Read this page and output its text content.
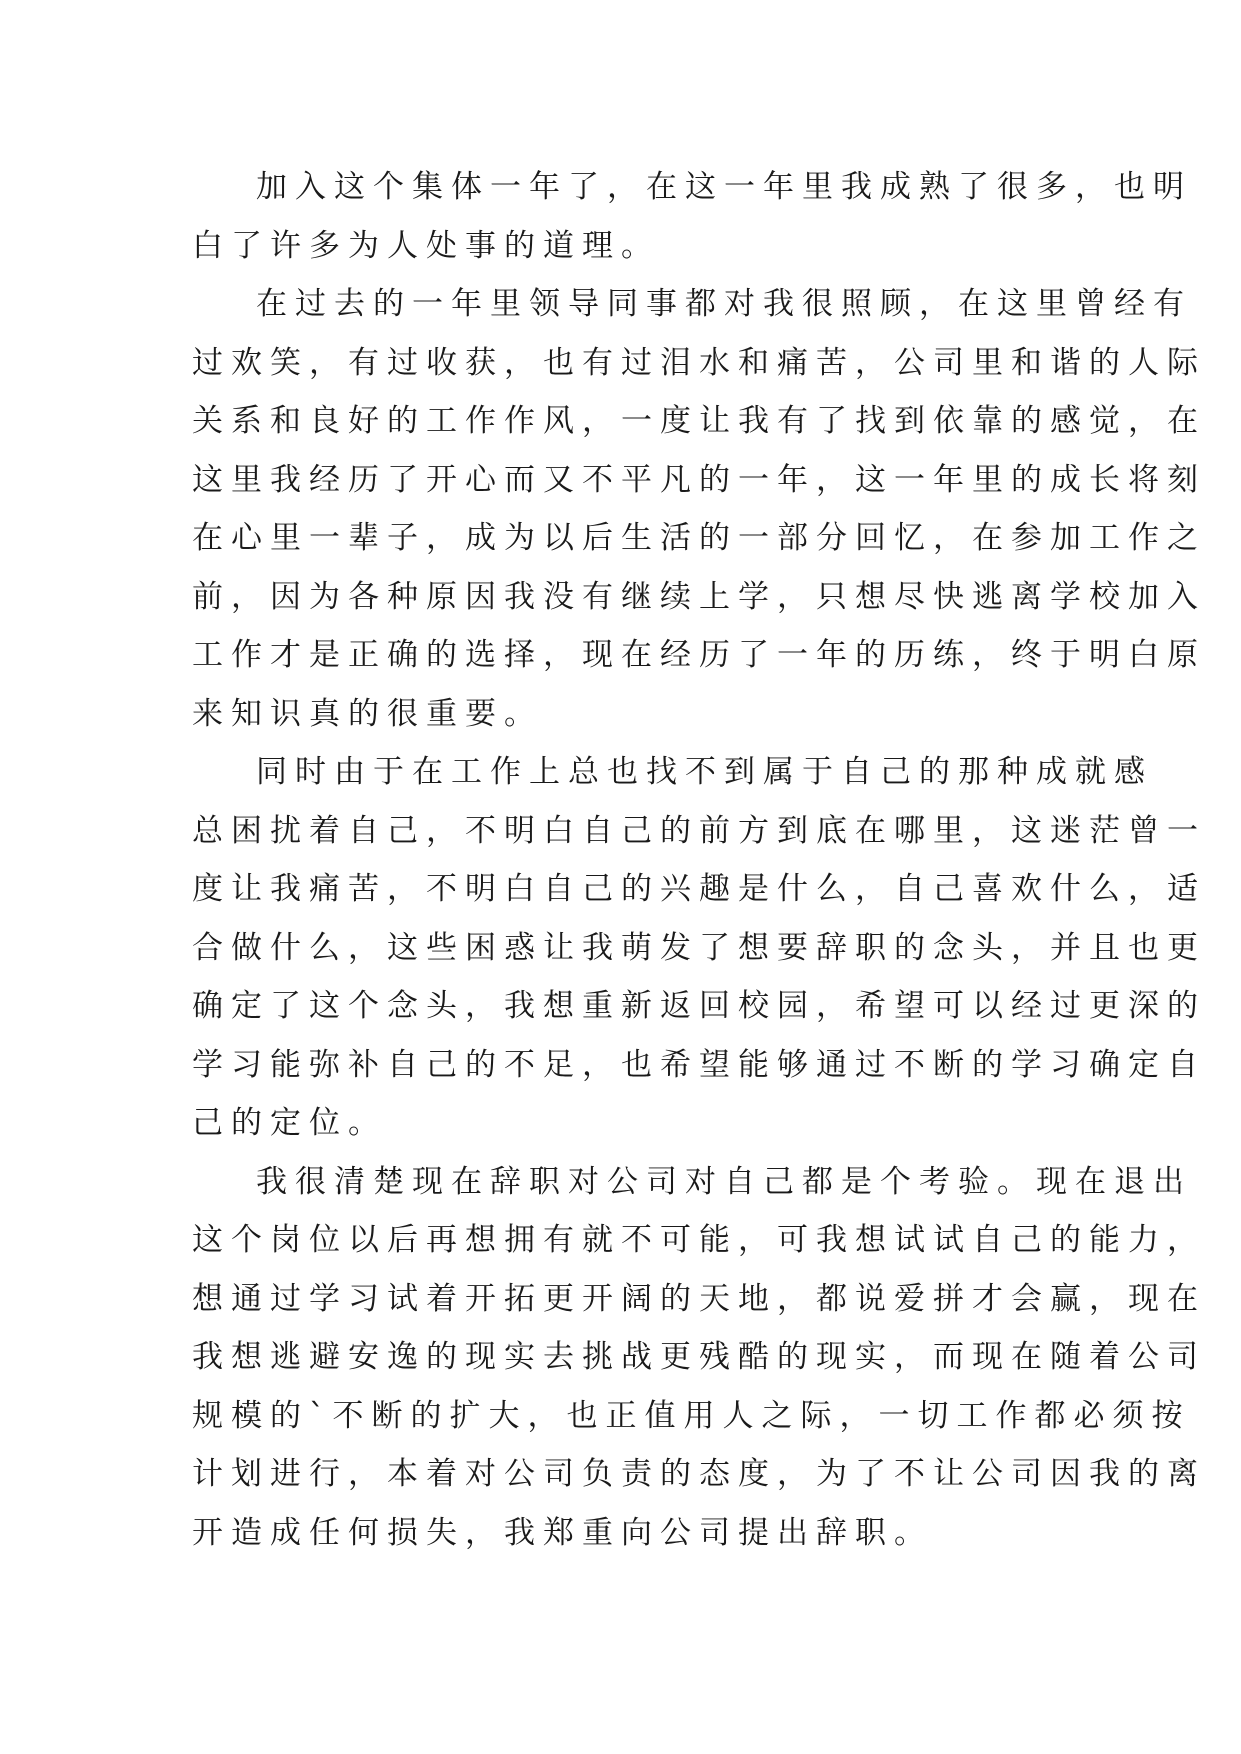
加入这个集体一年了，在这一年里我成熟了很多，也明
白了许多为人处事的道理。
在过去的一年里领导同事都对我很照顾，在这里曾经有
过欢笑，有过收获，也有过泪水和痛苦，公司里和谐的人际
关系和良好的工作作风，一度让我有了找到依靠的感觉，在
这里我经历了开心而又不平凡的一年，这一年里的成长将刻
在心里一辈子，成为以后生活的一部分回忆，在参加工作之
前，因为各种原因我没有继续上学，只想尽快逃离学校加入
工作才是正确的选择，现在经历了一年的历练，终于明白原
来知识真的很重要。
同时由于在工作上总也找不到属于自己的那种成就感
总困扰着自己，不明白自己的前方到底在哪里，这迷茫曾一
度让我痛苦，不明白自己的兴趣是什么，自己喜欢什么，适
合做什么，这些困惑让我萌发了想要辞职的念头，并且也更
确定了这个念头，我想重新返回校园，希望可以经过更深的
学习能弥补自己的不足，也希望能够通过不断的学习确定自
己的定位。
我很清楚现在辞职对公司对自己都是个考验。现在退出
这个岗位以后再想拥有就不可能，可我想试试自己的能力，
想通过学习试着开拓更开阔的天地，都说爱拼才会赢，现在
我想逃避安逸的现实去挑战更残酷的现实，而现在随着公司
规模的`不断的扩大，也正值用人之际，一切工作都必须按
计划进行，本着对公司负责的态度，为了不让公司因我的离
开造成任何损失，我郑重向公司提出辞职。
